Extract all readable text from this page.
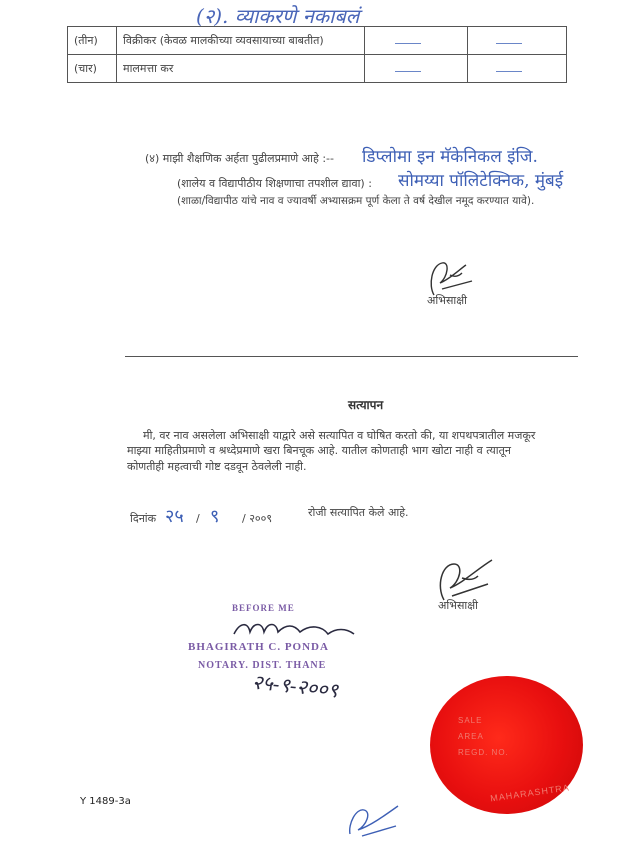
(२). व्याकरणे नकाबलं
(तीन)	विक्रीकर (केवळ मालकीच्या व्यवसायाच्या बाबतीत)		
(चार)	मालमत्ता कर		
(४) माझी शैक्षणिक अर्हता पुढीलप्रमाणे आहे :-- डिप्लोमा इन मॅकेनिकल इंजि.
(शालेय व विद्यापीठीय शिक्षणाचा तपशील द्यावा) : सोमय्या पॉलिटेक्निक, मुंबई
(शाळा/विद्यापीठ यांचे नाव व ज्यावर्षी अभ्यासक्रम पूर्ण केला ते वर्ष देखील नमूद करण्यात यावे).
अभिसाक्षी
सत्यापन
मी, वर नाव असलेला अभिसाक्षी याद्वारे असे सत्यापित व घोषित करतो की, या शपथपत्रातील मजकूर
माझ्या माहितीप्रमाणे व श्रध्देप्रमाणे खरा बिनचूक आहे. यातील कोणताही भाग खोटा नाही व त्यातून
कोणतीही महत्वाची गोष्ट दडवून ठेवलेली नाही.
दिनांक २५ / ९ / २००९	रोजी सत्यापित केले आहे.
अभिसाक्षी
BEFORE ME
BHAGIRATH C. PONDA
NOTARY. DIST. THANE
२५-९-२००९
SALE
AREA
REGD. NO.
MAHARASHTRA
Y 1489-3a
